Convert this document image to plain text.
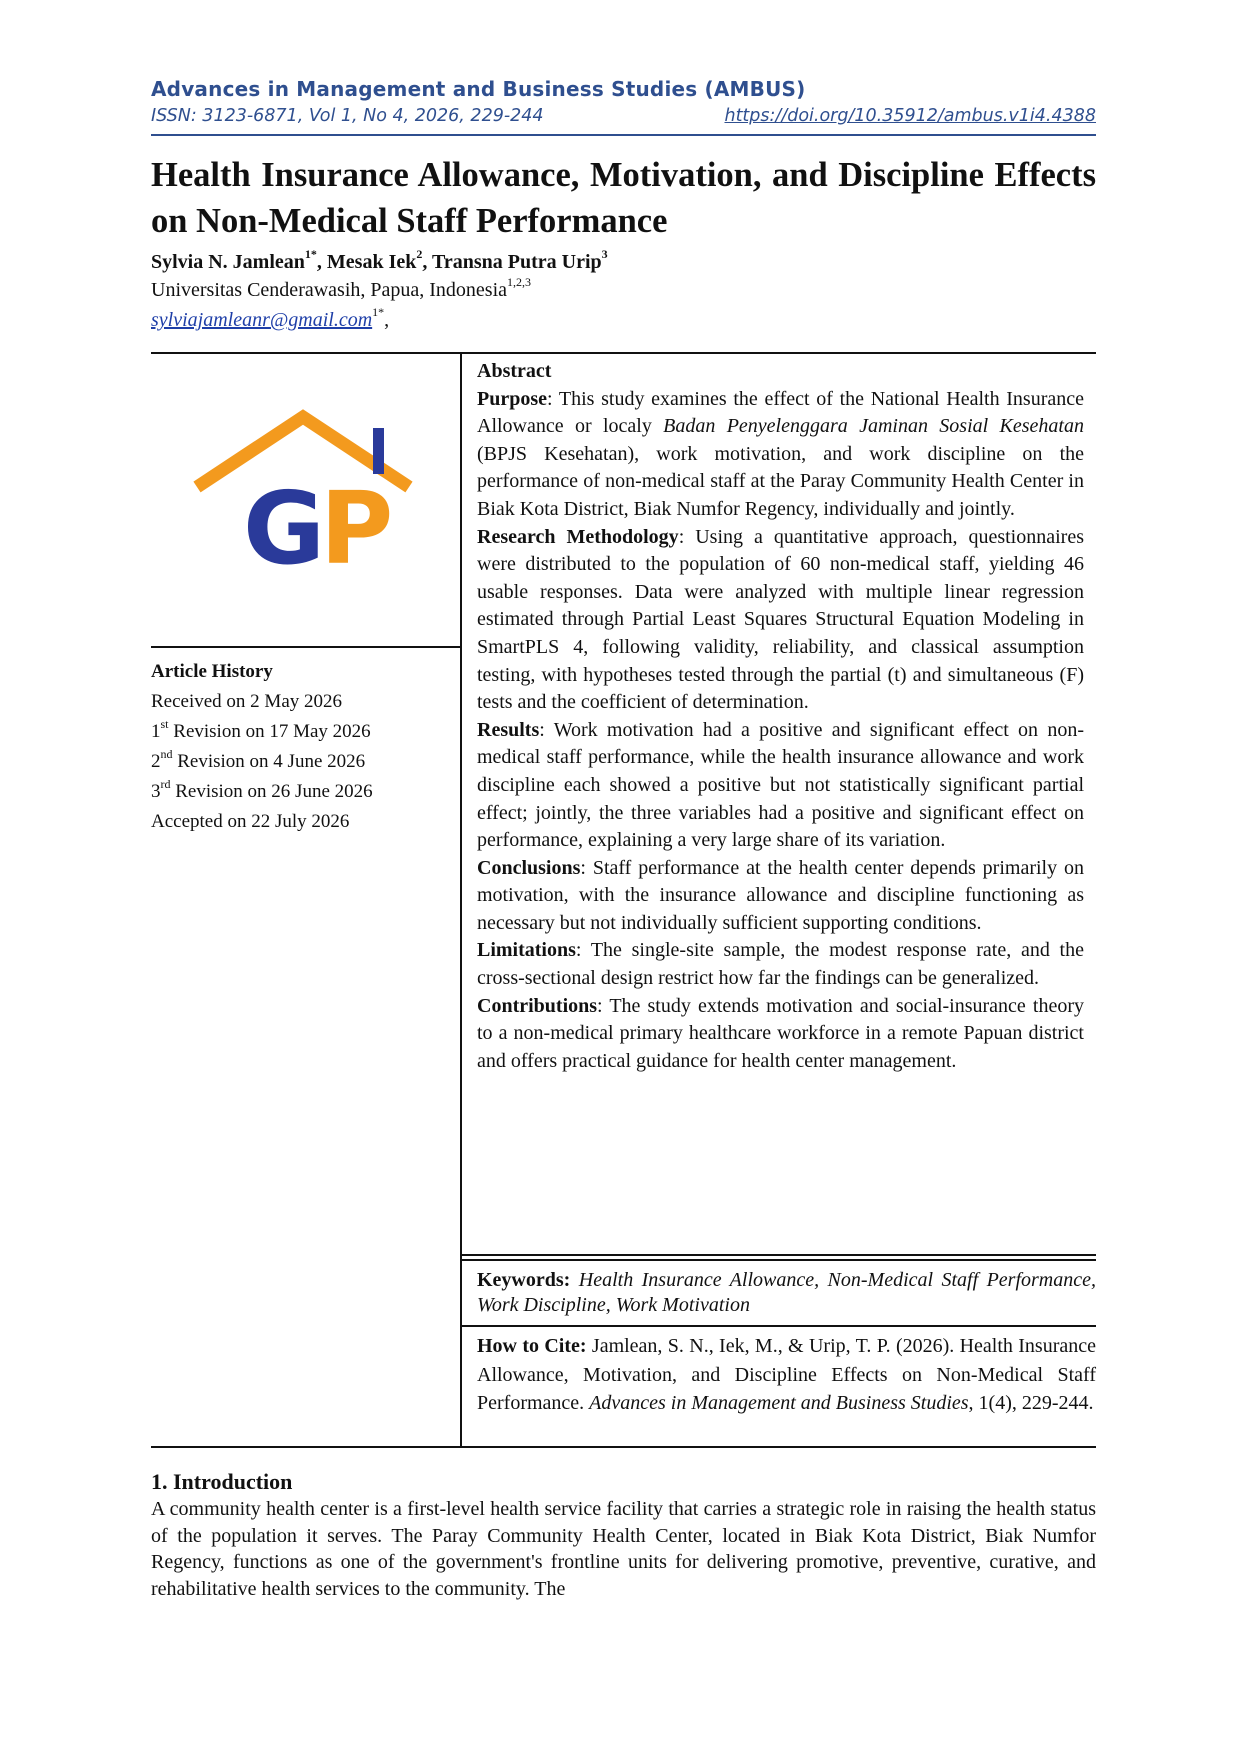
Advances in Management and Business Studies (AMBUS)
ISSN: 3123-6871, Vol 1, No 4, 2026, 229-244	https://doi.org/10.35912/ambus.v1i4.4388
Health Insurance Allowance, Motivation, and Discipline Effects on Non-Medical Staff Performance
Sylvia N. Jamlean$^{1*}$, Mesak Iek$^2$, Transna Putra Urip$^3$
Universitas Cenderawasih, Papua, Indonesia$^{1,2,3}$
sylviajamleanr@gmail.com$^{1*}$,
G
P
Article History
Received on 2 May 2026
1st Revision on 17 May 2026
2nd Revision on 4 June 2026
3rd Revision on 26 June 2026
Accepted on 22 July 2026

Abstract

Purpose: This study examines the effect of the National Health Insurance Allowance or localy Badan Penyelenggara Jaminan Sosial Kesehatan (BPJS Kesehatan), work motivation, and work discipline on the performance of non-medical staff at the Paray Community Health Center in Biak Kota District, Biak Numfor Regency, individually and jointly.

Research Methodology: Using a quantitative approach, questionnaires were distributed to the population of 60 non-medical staff, yielding 46 usable responses. Data were analyzed with multiple linear regression estimated through Partial Least Squares Structural Equation Modeling in SmartPLS 4, following validity, reliability, and classical assumption testing, with hypotheses tested through the partial (t) and simultaneous (F) tests and the coefficient of determination.

Results: Work motivation had a positive and significant effect on non-medical staff performance, while the health insurance allowance and work discipline each showed a positive but not statistically significant partial effect; jointly, the three variables had a positive and significant effect on performance, explaining a very large share of its variation.

Conclusions: Staff performance at the health center depends primarily on motivation, with the insurance allowance and discipline functioning as necessary but not individually sufficient supporting conditions.

Limitations: The single-site sample, the modest response rate, and the cross-sectional design restrict how far the findings can be generalized.

Contributions: The study extends motivation and social-insurance theory to a non-medical primary healthcare workforce in a remote Papuan district and offers practical guidance for health center management.

Keywords: Health Insurance Allowance, Non-Medical Staff Performance, Work Discipline, Work Motivation
How to Cite: Jamlean, S. N., Iek, M., & Urip, T. P. (2026). Health Insurance Allowance, Motivation, and Discipline Effects on Non-Medical Staff Performance. Advances in Management and Business Studies, 1(4), 229-244.
1. Introduction
A community health center is a first-level health service facility that carries a strategic role in raising the health status of the population it serves. The Paray Community Health Center, located in Biak Kota District, Biak Numfor Regency, functions as one of the government's frontline units for delivering promotive, preventive, curative, and rehabilitative health services to the community. The
